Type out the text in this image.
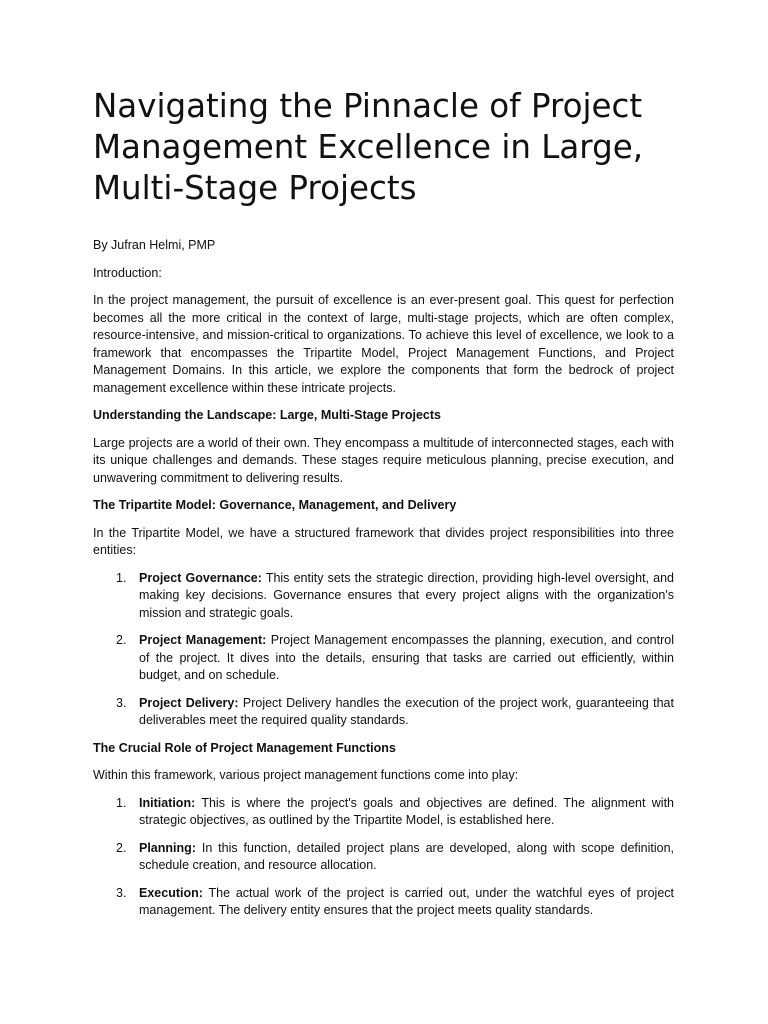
Navigating the Pinnacle of Project Management Excellence in Large, Multi-Stage Projects

By Jufran Helmi, PMP

Introduction:

In the project management, the pursuit of excellence is an ever-present goal. This quest for perfection becomes all the more critical in the context of large, multi-stage projects, which are often complex, resource-intensive, and mission-critical to organizations. To achieve this level of excellence, we look to a framework that encompasses the Tripartite Model, Project Management Functions, and Project Management Domains. In this article, we explore the components that form the bedrock of project management excellence within these intricate projects.

Understanding the Landscape: Large, Multi-Stage Projects

Large projects are a world of their own. They encompass a multitude of interconnected stages, each with its unique challenges and demands. These stages require meticulous planning, precise execution, and unwavering commitment to delivering results.

The Tripartite Model: Governance, Management, and Delivery

In the Tripartite Model, we have a structured framework that divides project responsibilities into three entities:

1. Project Governance: This entity sets the strategic direction, providing high-level oversight, and making key decisions. Governance ensures that every project aligns with the organization's mission and strategic goals.
2. Project Management: Project Management encompasses the planning, execution, and control of the project. It dives into the details, ensuring that tasks are carried out efficiently, within budget, and on schedule.
3. Project Delivery: Project Delivery handles the execution of the project work, guaranteeing that deliverables meet the required quality standards.

The Crucial Role of Project Management Functions

Within this framework, various project management functions come into play:

1. Initiation: This is where the project's goals and objectives are defined. The alignment with strategic objectives, as outlined by the Tripartite Model, is established here.
2. Planning: In this function, detailed project plans are developed, along with scope definition, schedule creation, and resource allocation.
3. Execution: The actual work of the project is carried out, under the watchful eyes of project management. The delivery entity ensures that the project meets quality standards.
